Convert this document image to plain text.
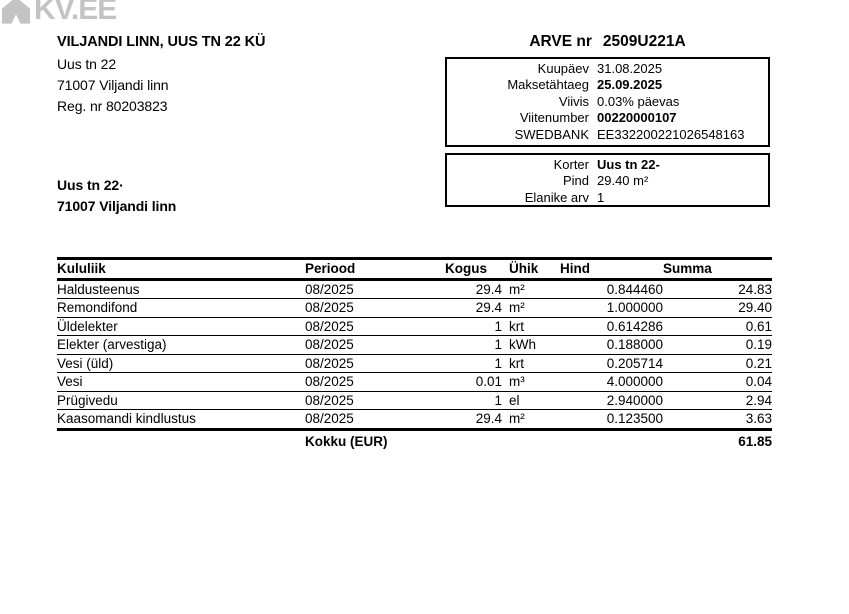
KV.EE
VILJANDI LINN, UUS TN 22 KÜ
Uus tn 22
71007 Viljandi linn
Reg. nr 80203823
ARVE nr 2509U221A
Kuupäev 31.08.2025
Maksetähtaeg 25.09.2025
Viivis 0.03% päevas
Viitenumber 00220000107
SWEDBANK EE332200221026548163
Korter Uus tn 22-
Pind 29.40 m²
Elanike arv 1
Uus tn 22·
71007 Viljandi linn
Kululiik	Periood	Kogus	Ühik	Hind	Summa
Haldusteenus	08/2025	29.4	m²	0.844460	24.83
Remondifond	08/2025	29.4	m²	1.000000	29.40
Üldelekter	08/2025	1	krt	0.614286	0.61
Elekter (arvestiga)	08/2025	1	kWh	0.188000	0.19
Vesi (üld)	08/2025	1	krt	0.205714	0.21
Vesi	08/2025	0.01	m³	4.000000	0.04
Prügivedu	08/2025	1	el	2.940000	2.94
Kaasomandi kindlustus	08/2025	29.4	m²	0.123500	3.63
	Kokku (EUR)				61.85
